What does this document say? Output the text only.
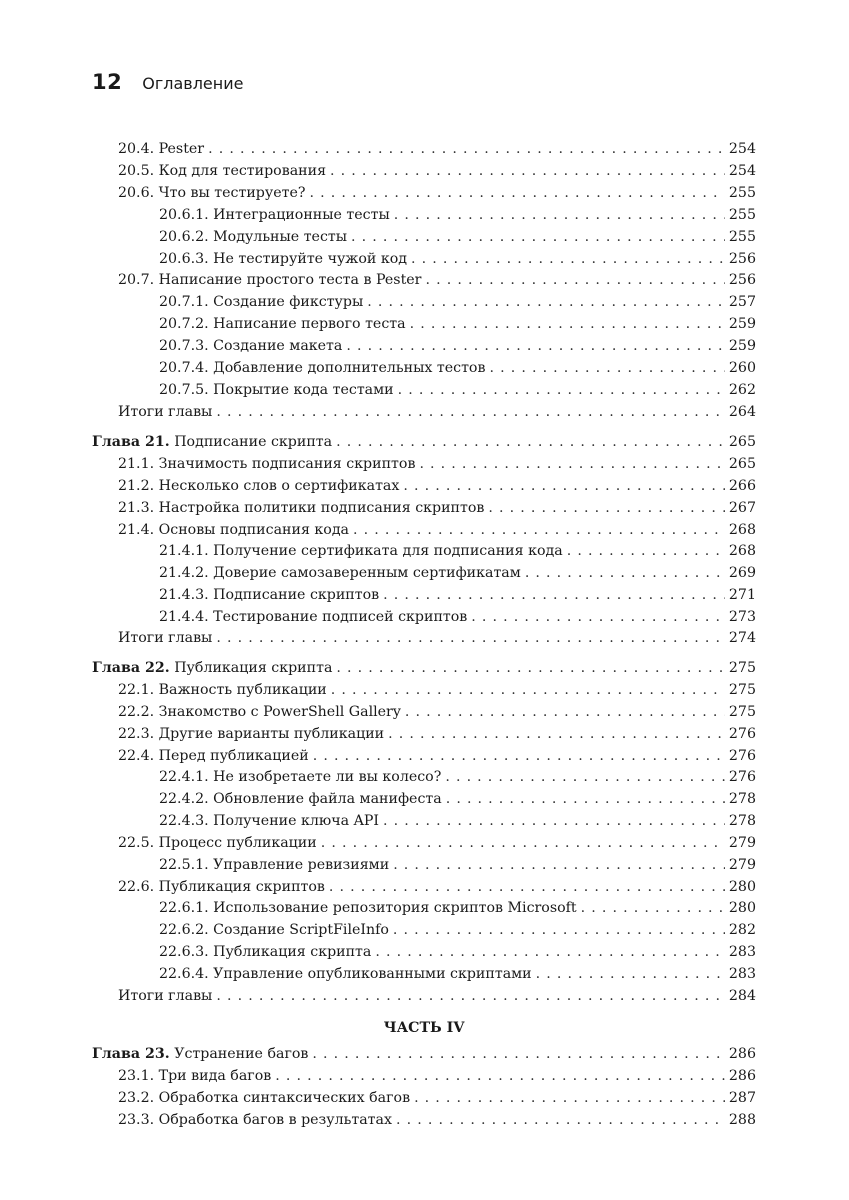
12 Оглавление
ЧАСТЬ IV
20.4. Pester . . .	254
20.5. Код для тестирования . . .	254
20.6. Что вы тестируете? . . .	255
20.6.1. Интеграционные тесты . . .	255
20.6.2. Модульные тесты . . .	255
20.6.3. Не тестируйте чужой код . . .	256
20.7. Написание простого теста в Pester . . .	256
20.7.1. Создание фикстуры . . .	257
20.7.2. Написание первого теста . . .	259
20.7.3. Создание макета . . .	259
20.7.4. Добавление дополнительных тестов . . .	260
20.7.5. Покрытие кода тестами . . .	262
Итоги главы . . .	264
Глава 21. Подписание скрипта . . .	265
21.1. Значимость подписания скриптов . . .	265
21.2. Несколько слов о сертификатах . . .	266
21.3. Настройка политики подписания скриптов . . .	267
21.4. Основы подписания кода . . .	268
21.4.1. Получение сертификата для подписания кода . . .	268
21.4.2. Доверие самозаверенным сертификатам . . .	269
21.4.3. Подписание скриптов . . .	271
21.4.4. Тестирование подписей скриптов . . .	273
Итоги главы . . .	274
Глава 22. Публикация скрипта . . .	275
22.1. Важность публикации . . .	275
22.2. Знакомство с PowerShell Gallery . . .	275
22.3. Другие варианты публикации . . .	276
22.4. Перед публикацией . . .	276
22.4.1. Не изобретаете ли вы колесо? . . .	276
22.4.2. Обновление файла манифеста . . .	278
22.4.3. Получение ключа API . . .	278
22.5. Процесс публикации . . .	279
22.5.1. Управление ревизиями . . .	279
22.6. Публикация скриптов . . .	280
22.6.1. Использование репозитория скриптов Microsoft . . .	280
22.6.2. Создание ScriptFileInfo . . .	282
22.6.3. Публикация скрипта . . .	283
22.6.4. Управление опубликованными скриптами . . .	283
Итоги главы . . .	284
Глава 23. Устранение багов . . .	286
23.1. Три вида багов . . .	286
23.2. Обработка синтаксических багов . . .	287
23.3. Обработка багов в результатах . . .	288
